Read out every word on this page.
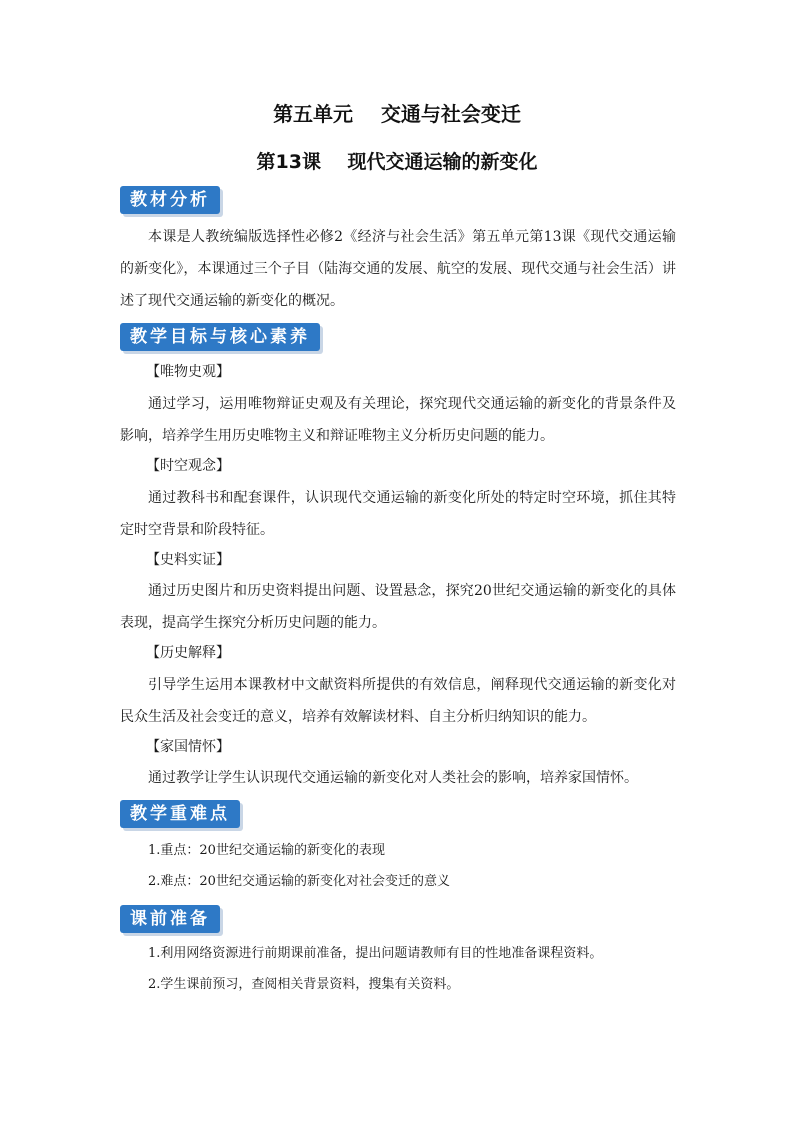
第五单元    交通与社会变迁
第13课    现代交通运输的新变化
教材分析

本课是人教统编版选择性必修2《经济与社会生活》第五单元第13课《现代交通运输的新变化》，本课通过三个子目（陆海交通的发展、航空的发展、现代交通与社会生活）讲述了现代交通运输的新变化的概况。

教学目标与核心素养

【唯物史观】

通过学习，运用唯物辩证史观及有关理论，探究现代交通运输的新变化的背景条件及影响，培养学生用历史唯物主义和辩证唯物主义分析历史问题的能力。

【时空观念】

通过教科书和配套课件，认识现代交通运输的新变化所处的特定时空环境，抓住其特定时空背景和阶段特征。

【史料实证】

通过历史图片和历史资料提出问题、设置悬念，探究20世纪交通运输的新变化的具体表现，提高学生探究分析历史问题的能力。

【历史解释】

引导学生运用本课教材中文献资料所提供的有效信息，阐释现代交通运输的新变化对民众生活及社会变迁的意义，培养有效解读材料、自主分析归纳知识的能力。

【家国情怀】

通过教学让学生认识现代交通运输的新变化对人类社会的影响，培养家国情怀。

教学重难点

1.重点：20世纪交通运输的新变化的表现

2.难点：20世纪交通运输的新变化对社会变迁的意义

课前准备

1.利用网络资源进行前期课前准备，提出问题请教师有目的性地准备课程资料。

2.学生课前预习，查阅相关背景资料，搜集有关资料。
